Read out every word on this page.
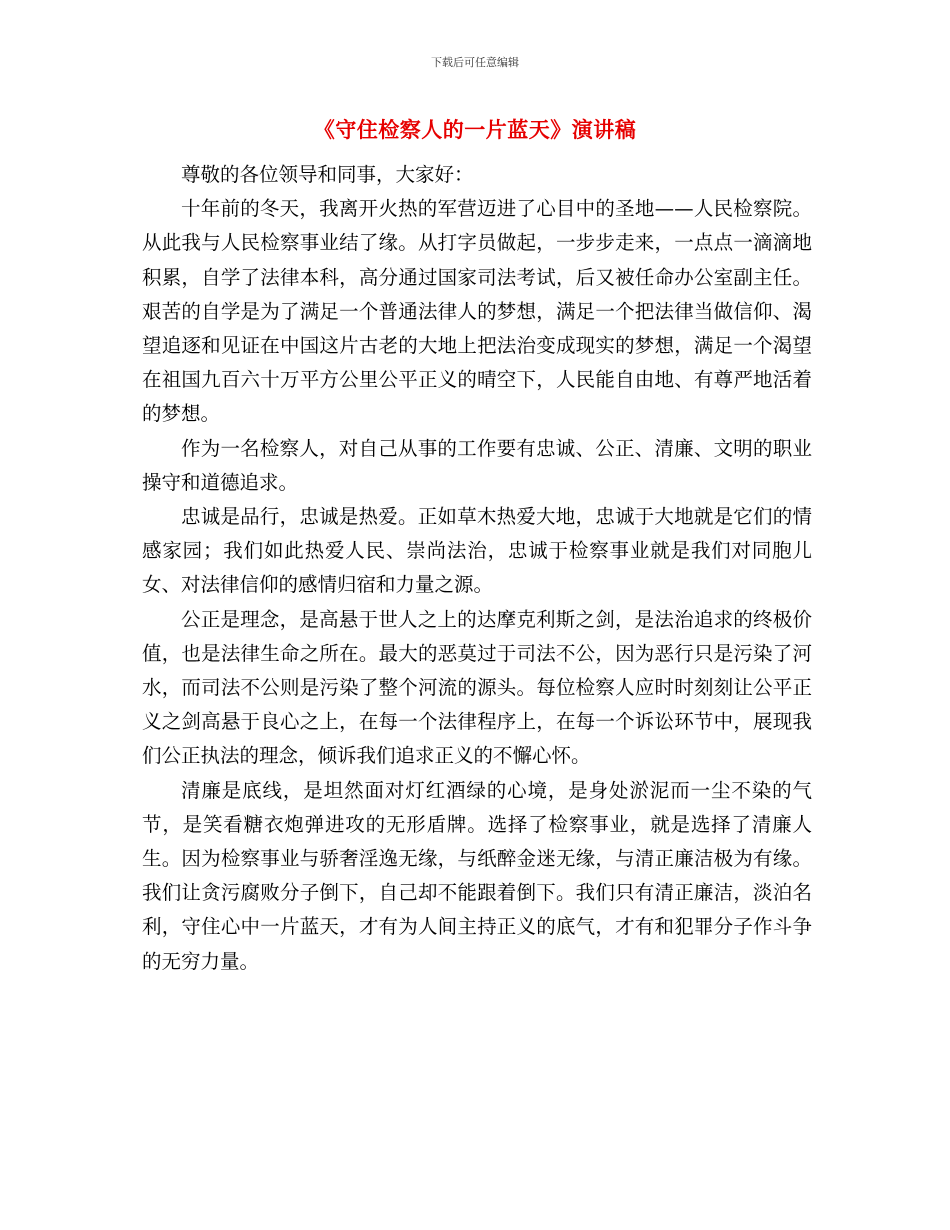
下载后可任意编辑
《守住检察人的一片蓝天》演讲稿

尊敬的各位领导和同事，大家好：

十年前的冬天，我离开火热的军营迈进了心目中的圣地——人民检察院。从此我与人民检察事业结了缘。从打字员做起，一步步走来，一点点一滴滴地积累，自学了法律本科，高分通过国家司法考试，后又被任命办公室副主任。艰苦的自学是为了满足一个普通法律人的梦想，满足一个把法律当做信仰、渴望追逐和见证在中国这片古老的大地上把法治变成现实的梦想，满足一个渴望在祖国九百六十万平方公里公平正义的晴空下，人民能自由地、有尊严地活着的梦想。

作为一名检察人，对自己从事的工作要有忠诚、公正、清廉、文明的职业操守和道德追求。

忠诚是品行，忠诚是热爱。正如草木热爱大地，忠诚于大地就是它们的情感家园；我们如此热爱人民、崇尚法治，忠诚于检察事业就是我们对同胞儿女、对法律信仰的感情归宿和力量之源。

公正是理念，是高悬于世人之上的达摩克利斯之剑，是法治追求的终极价值，也是法律生命之所在。最大的恶莫过于司法不公，因为恶行只是污染了河水，而司法不公则是污染了整个河流的源头。每位检察人应时时刻刻让公平正义之剑高悬于良心之上，在每一个法律程序上，在每一个诉讼环节中，展现我们公正执法的理念，倾诉我们追求正义的不懈心怀。

清廉是底线，是坦然面对灯红酒绿的心境，是身处淤泥而一尘不染的气节，是笑看糖衣炮弹进攻的无形盾牌。选择了检察事业，就是选择了清廉人生。因为检察事业与骄奢淫逸无缘，与纸醉金迷无缘，与清正廉洁极为有缘。我们让贪污腐败分子倒下，自己却不能跟着倒下。我们只有清正廉洁，淡泊名利，守住心中一片蓝天，才有为人间主持正义的底气，才有和犯罪分子作斗争的无穷力量。
